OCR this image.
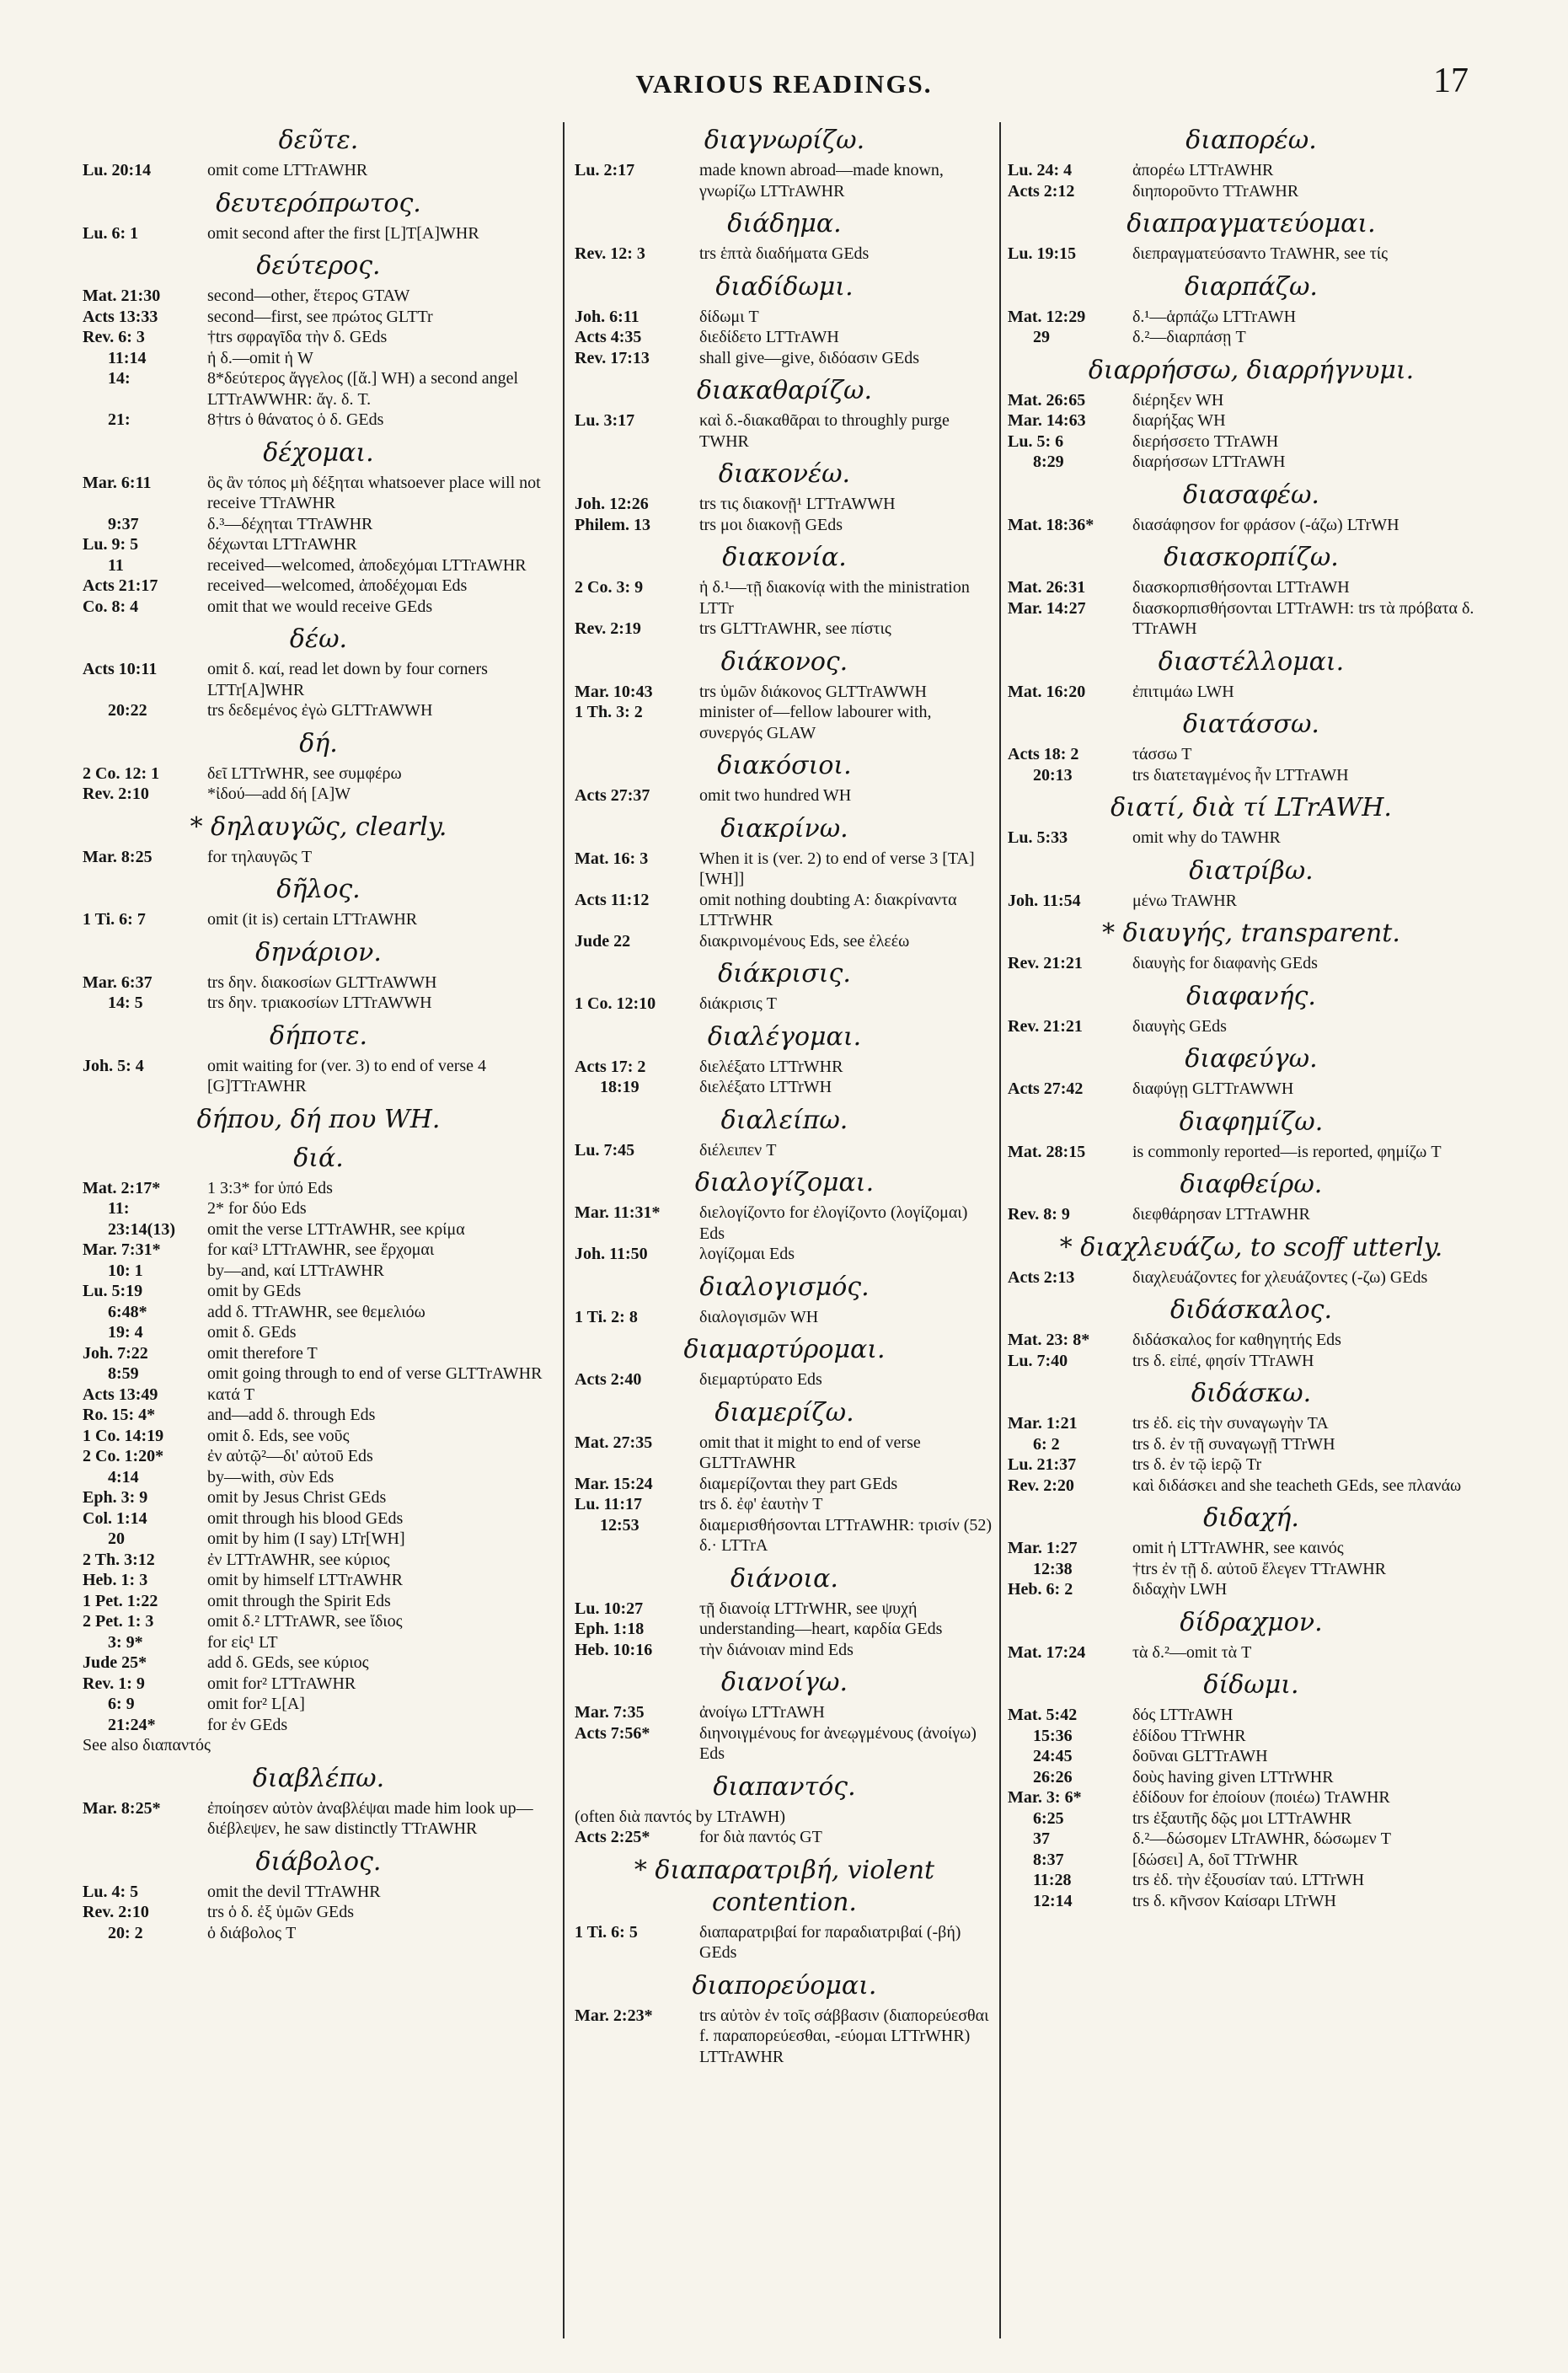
VARIOUS READINGS.	17
δεῦτε.
Lu. 20:14	omit come LTTrAWHR
δευτερόπρωτος.
Lu. 6: 1	omit second after the first [L]T[A]WHR
δεύτερος.
Mat. 21:30	second—other, ἕτερος GTAW
Acts 13:33	second—first, see πρώτος GLTTr
Rev. 6: 3	†trs σφραγῖδα τὴν δ. GEds
11:14	ἡ δ.—omit ἡ W
14:	8*δεύτερος ἄγγελος ([ἄ.] WH) a second angel LTTrAWWHR: ἄγ. δ. T.
21:	8†trs ὁ θάνατος ὁ δ. GEds
δέχομαι.
Mar. 6:11	ὃς ἂν τόπος μὴ δέξηται whatsoever place will not receive TTrAWHR
9:37	δ.³—δέχηται TTrAWHR
Lu. 9: 5	δέχωνται LTTrAWHR
11	received—welcomed, ἀποδεχόμαι LTTrAWHR
Acts 21:17	received—welcomed, ἀποδέχομαι Eds
Co. 8: 4	omit that we would receive GEds
δέω.
Acts 10:11	omit δ. καί, read let down by four corners LTTr[A]WHR
20:22	trs δεδεμένος ἐγὼ GLTTrAWWH
δή.
2 Co. 12: 1	δεῖ LTTrWHR, see συμφέρω
Rev. 2:10	*ἰδού—add δή [A]W
* δηλαυγῶς, clearly.
Mar. 8:25	for τηλαυγῶς T
δῆλος.
1 Ti. 6: 7	omit (it is) certain LTTrAWHR
δηνάριον.
Mar. 6:37	trs δην. διακοσίων GLTTrAWWH
14: 5	trs δην. τριακοσίων LTTrAWWH
δήποτε.
Joh. 5: 4	omit waiting for (ver. 3) to end of verse 4 [G]TTrAWHR
δήπου, δή που WH.
διά.
Mat. 2:17*	1 3:3* for ὑπό Eds
11:	2* for δύο Eds
23:14(13)	omit the verse LTTrAWHR, see κρίμα
Mar. 7:31*	for καί³ LTTrAWHR, see ἔρχομαι
10: 1	by—and, καί LTTrAWHR
Lu. 5:19	omit by GEds
6:48*	add δ. TTrAWHR, see θεμελιόω
19: 4	omit δ. GEds
Joh. 7:22	omit therefore T
8:59	omit going through to end of verse GLTTrAWHR
Acts 13:49	κατά T
Ro. 15: 4*	and—add δ. through Eds
1 Co. 14:19	omit δ. Eds, see νοῦς
2 Co. 1:20*	ἐν αὐτῷ²—δι' αὐτοῦ Eds
4:14	by—with, σὺν Eds
Eph. 3: 9	omit by Jesus Christ GEds
Col. 1:14	omit through his blood GEds
20	omit by him (I say) LTr[WH]
2 Th. 3:12	ἐν LTTrAWHR, see κύριος
Heb. 1: 3	omit by himself LTTrAWHR
1 Pet. 1:22	omit through the Spirit Eds
2 Pet. 1: 3	omit δ.² LTTrAWR, see ἴδιος
3: 9*	for εἰς¹ LT
Jude 25*	add δ. GEds, see κύριος
Rev. 1: 9	omit for² LTTrAWHR
6: 9	omit for² L[A]
21:24*	for ἐν GEds
See also διαπαντός
διαβλέπω.
Mar. 8:25*	ἐποίησεν αὐτὸν ἀναβλέψαι made him look up—διέβλεψεν, he saw distinctly TTrAWHR
διάβολος.
Lu. 4: 5	omit the devil TTrAWHR
Rev. 2:10	trs ὁ δ. ἐξ ὑμῶν GEds
20: 2	ὁ διάβολος T
διαγνωρίζω.
Lu. 2:17	made known abroad—made known, γνωρίζω LTTrAWHR
διάδημα.
Rev. 12: 3	trs ἑπτὰ διαδήματα GEds
διαδίδωμι.
Joh. 6:11	δίδωμι T
Acts 4:35	διεδίδετο LTTrAWH
Rev. 17:13	shall give—give, διδόασιν GEds
διακαθαρίζω.
Lu. 3:17	καὶ δ.-διακαθᾶραι to throughly purge TWHR
διακονέω.
Joh. 12:26	trs τις διακονῇ¹ LTTrAWWH
Philem. 13	trs μοι διακονῇ GEds
διακονία.
2 Co. 3: 9	ἡ δ.¹—τῇ διακονίᾳ with the ministration LTTr
Rev. 2:19	trs GLTTrAWHR, see πίστις
διάκονος.
Mar. 10:43	trs ὑμῶν διάκονος GLTTrAWWH
1 Th. 3: 2	minister of—fellow labourer with, συνεργός GLAW
διακόσιοι.
Acts 27:37	omit two hundred WH
διακρίνω.
Mat. 16: 3	When it is (ver. 2) to end of verse 3 [TA][WH]]
Acts 11:12	omit nothing doubting A: διακρίναντα LTTrWHR
Jude 22	διακρινομένους Eds, see ἐλεέω
διάκρισις.
1 Co. 12:10	διάκρισις T
διαλέγομαι.
Acts 17: 2	διελέξατο LTTrWHR
18:19	διελέξατο LTTrWH
διαλείπω.
Lu. 7:45	διέλειπεν T
διαλογίζομαι.
Mar. 11:31*	διελογίζοντο for ἐλογίζοντο (λογίζομαι) Eds
Joh. 11:50	λογίζομαι Eds
διαλογισμός.
1 Ti. 2: 8	διαλογισμῶν WH
διαμαρτύρομαι.
Acts 2:40	διεμαρτύρατο Eds
διαμερίζω.
Mat. 27:35	omit that it might to end of verse GLTTrAWHR
Mar. 15:24	διαμερίζονται they part GEds
Lu. 11:17	trs δ. ἐφ' ἑαυτὴν T
12:53	διαμερισθήσονται LTTrAWHR: τρισίν (52) δ.· LTTrA
διάνοια.
Lu. 10:27	τῇ διανοίᾳ LTTrWHR, see ψυχή
Eph. 1:18	understanding—heart, καρδία GEds
Heb. 10:16	τὴν διάνοιαν mind Eds
διανοίγω.
Mar. 7:35	ἀνοίγω LTTrAWH
Acts 7:56*	διηνοιγμένους for ἀνεῳγμένους (ἀνοίγω) Eds
διαπαντός.
(often διὰ παντός by LTrAWH)
Acts 2:25*	for διὰ παντός GT
* διαπαρατριβή, violent contention.
1 Ti. 6: 5	διαπαρατριβαί for παραδιατριβαί (-βή) GEds
διαπορεύομαι.
Mar. 2:23*	trs αὐτὸν ἐν τοῖς σάββασιν (διαπορεύεσθαι f. παραπορεύεσθαι, -εύομαι LTTrWHR) LTTrAWHR
διαπορέω.
Lu. 24: 4	ἀπορέω LTTrAWHR
Acts 2:12	διηπορoῦντο TTrAWHR
διαπραγματεύομαι.
Lu. 19:15	διεπραγματεύσαντο TrAWHR, see τίς
διαρπάζω.
Mat. 12:29	δ.¹—ἁρπάζω LTTrAWH
29	δ.²—διαρπάσῃ T
διαρρήσσω, διαρρήγνυμι.
Mat. 26:65	διέρηξεν WH
Mar. 14:63	διαρήξας WH
Lu. 5: 6	διερήσσετο TTrAWH
8:29	διαρήσσων LTTrAWH
διασαφέω.
Mat. 18:36*	διασάφησον for φράσον (-άζω) LTrWH
διασκορπίζω.
Mat. 26:31	διασκορπισθήσονται LTTrAWH
Mar. 14:27	διασκορπισθήσονται LTTrAWH: trs τὰ πρόβατα δ. TTrAWH
διαστέλλομαι.
Mat. 16:20	ἐπιτιμάω LWH
διατάσσω.
Acts 18: 2	τάσσω T
20:13	trs διατεταγμένος ἦν LTTrAWH
διατί, διὰ τί LTrAWH.
Lu. 5:33	omit why do TAWHR
διατρίβω.
Joh. 11:54	μένω TrAWHR
* διαυγής, transparent.
Rev. 21:21	διαυγὴς for διαφανὴς GEds
διαφανής.
Rev. 21:21	διαυγὴς GEds
διαφεύγω.
Acts 27:42	διαφύγῃ GLTTrAWWH
διαφημίζω.
Mat. 28:15	is commonly reported—is reported, φημίζω T
διαφθείρω.
Rev. 8: 9	διεφθάρησαν LTTrAWHR
* διαχλευάζω, to scoff utterly.
Acts 2:13	διαχλευάζοντες for χλευάζοντες (-ζω) GEds
διδάσκαλος.
Mat. 23: 8*	διδάσκαλος for καθηγητής Eds
Lu. 7:40	trs δ. εἰπέ, φησίν TTrAWH
διδάσκω.
Mar. 1:21	trs ἐδ. εἰς τὴν συναγωγὴν TA
6: 2	trs δ. ἐν τῇ συναγωγῇ TTrWH
Lu. 21:37	trs δ. ἐν τῷ ἱερῷ Tr
Rev. 2:20	καὶ διδάσκει and she teacheth GEds, see πλανάω
διδαχή.
Mar. 1:27	omit ἡ LTTrAWHR, see καινός
12:38	†trs ἐν τῇ δ. αὐτοῦ ἔλεγεν TTrAWHR
Heb. 6: 2	διδαχὴν LWH
δίδραχμον.
Mat. 17:24	τὰ δ.²—omit τὰ T
δίδωμι.
Mat. 5:42	δός LTTrAWH
15:36	ἐδίδου TTrWHR
24:45	δοῦναι GLTTrAWH
26:26	δοὺς having given LTTrWHR
Mar. 3: 6*	ἐδίδουν for ἐποίουν (ποιέω) TrAWHR
6:25	trs ἐξαυτῆς δῷς μοι LTTrAWHR
37	δ.²—δώσομεν LTrAWHR, δώσωμεν T
8:37	[δώσει] A, δοῖ TTrWHR
11:28	trs ἐδ. τὴν ἐξουσίαν ταύ. LTTrWH
12:14	trs δ. κῆνσον Καίσαρι LTrWH
